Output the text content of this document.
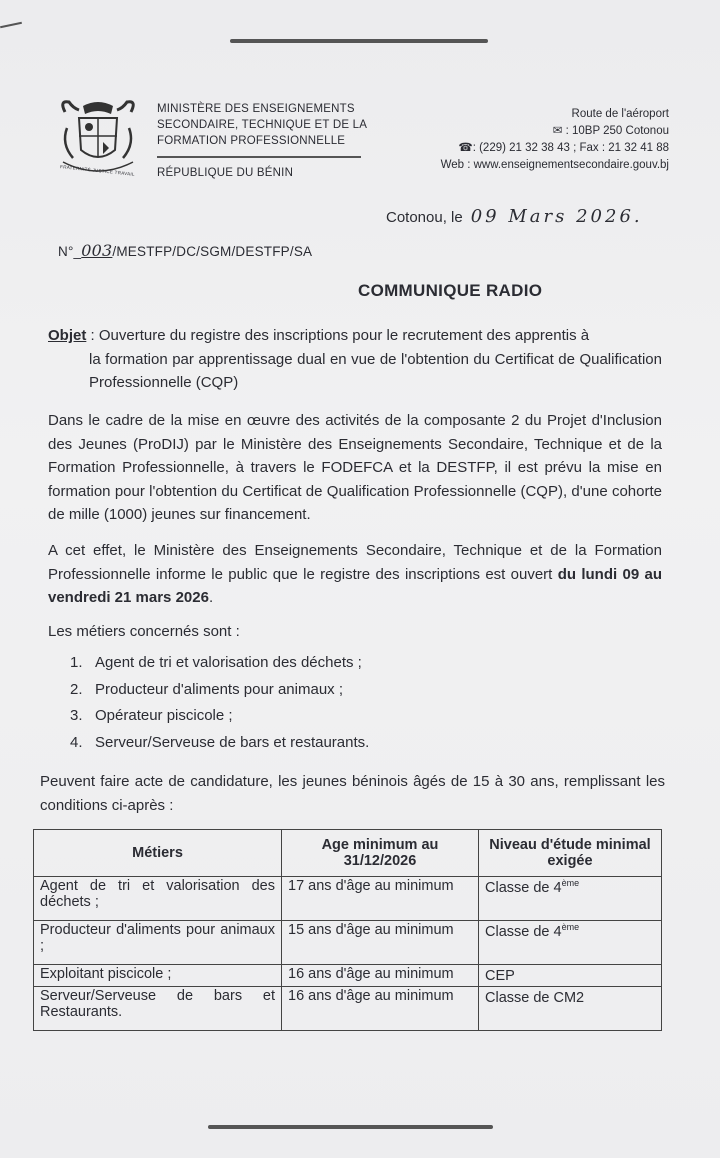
FRATERNITÉ JUSTICE TRAVAIL
MINISTÈRE DES ENSEIGNEMENTS
SECONDAIRE, TECHNIQUE ET DE LA
FORMATION PROFESSIONNELLE
RÉPUBLIQUE DU BÉNIN
Route de l'aéroport
✉ : 10BP 250 Cotonou
☎: (229) 21 32 38 43 ; Fax : 21 32 41 88
Web : www.enseignementsecondaire.gouv.bj
Cotonou, le 09 Mars 2026.
N°_003/MESTFP/DC/SGM/DESTFP/SA
COMMUNIQUE RADIO
Objet : Ouverture du registre des inscriptions pour le recrutement des apprentis à
la formation par apprentissage dual en vue de l'obtention du Certificat de Qualification Professionnelle (CQP)
Dans le cadre de la mise en œuvre des activités de la composante 2 du Projet d'Inclusion des Jeunes (ProDIJ) par le Ministère des Enseignements Secondaire, Technique et de la Formation Professionnelle, à travers le FODEFCA et la DESTFP, il est prévu la mise en formation pour l'obtention du Certificat de Qualification Professionnelle (CQP), d'une cohorte de mille (1000) jeunes sur financement.
A cet effet, le Ministère des Enseignements Secondaire, Technique et de la Formation Professionnelle informe le public que le registre des inscriptions est ouvert du lundi 09 au vendredi 21 mars 2026.
Les métiers concernés sont :
1. Agent de tri et valorisation des déchets ;
2. Producteur d'aliments pour animaux ;
3. Opérateur piscicole ;
4. Serveur/Serveuse de bars et restaurants.
Peuvent faire acte de candidature, les jeunes béninois âgés de 15 à 30 ans, remplissant les conditions ci-après :
Métiers	Age minimum au 31/12/2026	Niveau d'étude minimal exigée
Agent de tri et valorisation des déchets ;	17 ans d'âge au minimum	Classe de 4ème
Producteur d'aliments pour animaux ;	15 ans d'âge au minimum	Classe de 4ème
Exploitant piscicole ;	16 ans d'âge au minimum	CEP
Serveur/Serveuse de bars et Restaurants.	16 ans d'âge au minimum	Classe de CM2
